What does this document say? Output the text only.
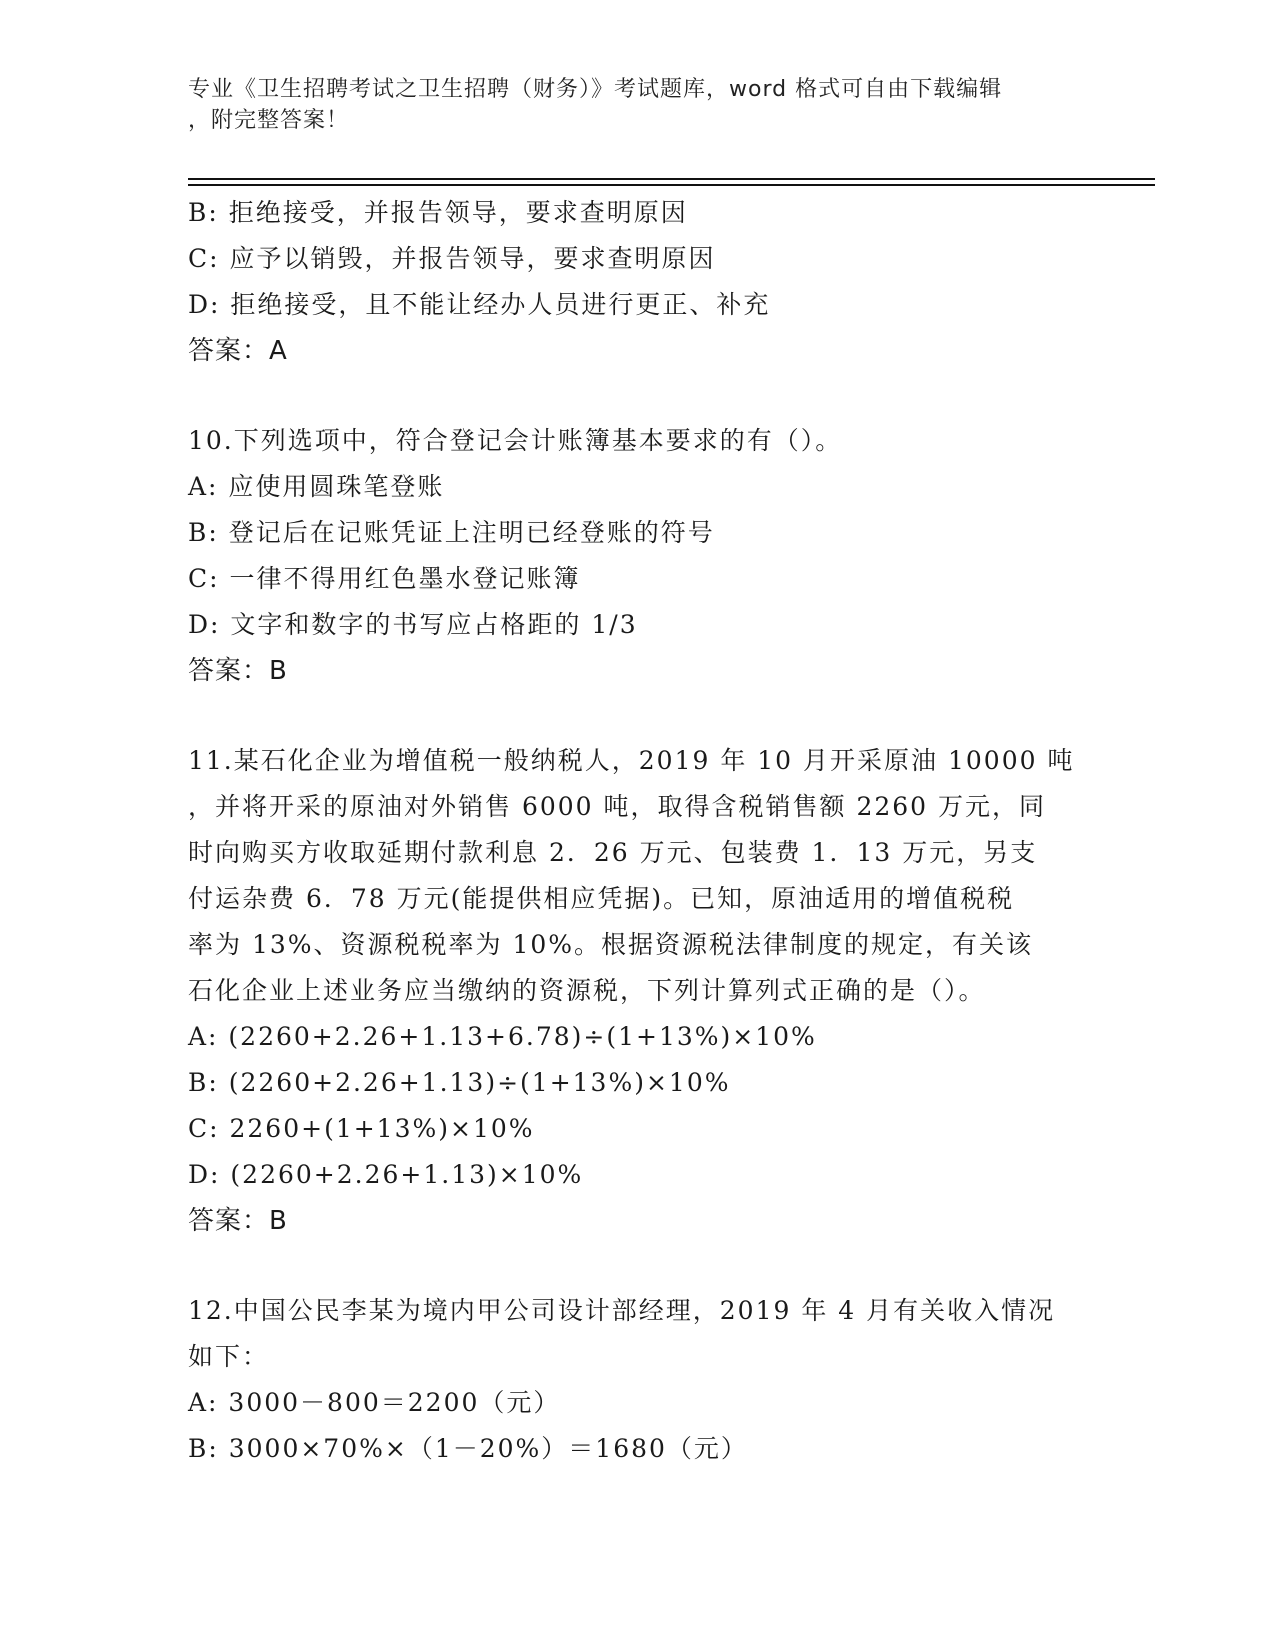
专业《卫生招聘考试之卫生招聘（财务）》考试题库，word 格式可自由下载编辑
，附完整答案！
B: 拒绝接受，并报告领导，要求查明原因
C: 应予以销毁，并报告领导，要求查明原因
D: 拒绝接受，且不能让经办人员进行更正、补充
答案：A
10.下列选项中，符合登记会计账簿基本要求的有（）。
A: 应使用圆珠笔登账
B: 登记后在记账凭证上注明已经登账的符号
C: 一律不得用红色墨水登记账簿
D: 文字和数字的书写应占格距的 1/3
答案：B
11.某石化企业为增值税一般纳税人，2019 年 10 月开采原油 10000 吨
，并将开采的原油对外销售 6000 吨，取得含税销售额 2260 万元，同
时向购买方收取延期付款利息 2．26 万元、包装费 1．13 万元，另支
付运杂费 6．78 万元(能提供相应凭据)。已知，原油适用的增值税税
率为 13%、资源税税率为 10%。根据资源税法律制度的规定，有关该
石化企业上述业务应当缴纳的资源税，下列计算列式正确的是（）。
A: (2260+2.26+1.13+6.78)÷(1+13%)×10%
B: (2260+2.26+1.13)÷(1+13%)×10%
C: 2260+(1+13%)×10%
D: (2260+2.26+1.13)×10%
答案：B
12.中国公民李某为境内甲公司设计部经理，2019 年 4 月有关收入情况
如下：
A: 3000－800＝2200（元）
B: 3000×70%×（1－20%）＝1680（元）
